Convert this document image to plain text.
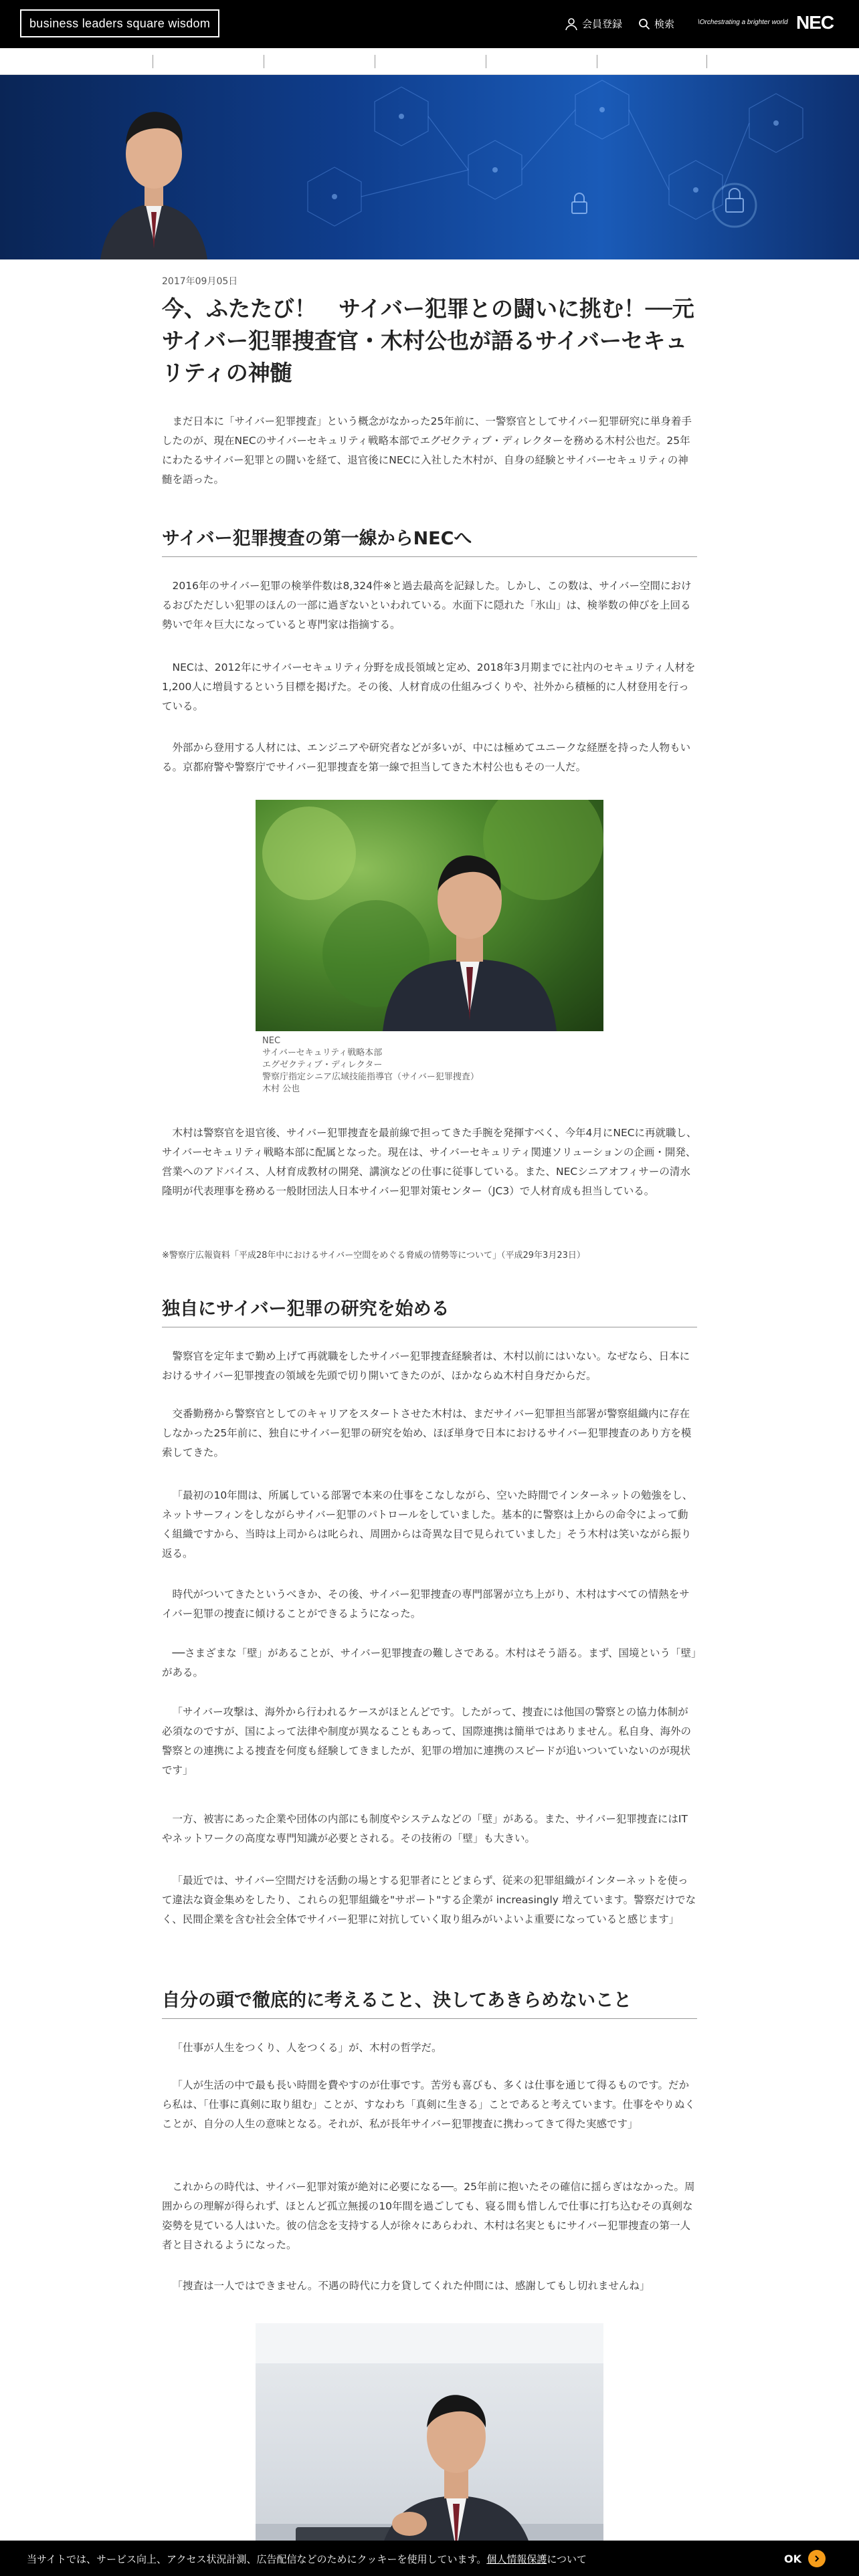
business leaders square wisdom	会員登録	検索	\Orchestrating a brighter world NEC
2017年09月05日
今、ふたたび！　サイバー犯罪との闘いに挑む！──元サイバー犯罪捜査官・木村公也が語るサイバーセキュリティの神髄

まだ日本に「サイバー犯罪捜査」という概念がなかった25年前に、一警察官としてサイバー犯罪研究に単身着手したのが、現在NECのサイバーセキュリティ戦略本部でエグゼクティブ・ディレクターを務める木村公也だ。25年にわたるサイバー犯罪との闘いを経て、退官後にNECに入社した木村が、自身の経験とサイバーセキュリティの神髄を語った。

サイバー犯罪捜査の第一線からNECへ

2016年のサイバー犯罪の検挙件数は8,324件※と過去最高を記録した。しかし、この数は、サイバー空間におけるおびただしい犯罪のほんの一部に過ぎないといわれている。水面下に隠れた「氷山」は、検挙数の伸びを上回る勢いで年々巨大になっていると専門家は指摘する。

NECは、2012年にサイバーセキュリティ分野を成長領域と定め、2018年3月期までに社内のセキュリティ人材を1,200人に増員するという目標を掲げた。その後、人材育成の仕組みづくりや、社外から積極的に人材登用を行っている。

外部から登用する人材には、エンジニアや研究者などが多いが、中には極めてユニークな経歴を持った人物もいる。京都府警や警察庁でサイバー犯罪捜査を第一線で担当してきた木村公也もその一人だ。

NEC
サイバーセキュリティ戦略本部
エグゼクティブ・ディレクター
警察庁指定シニア広域技能指導官（サイバー犯罪捜査）
木村 公也

木村は警察官を退官後、サイバー犯罪捜査を最前線で担ってきた手腕を発揮すべく、今年4月にNECに再就職し、サイバーセキュリティ戦略本部に配属となった。現在は、サイバーセキュリティ関連ソリューションの企画・開発、営業へのアドバイス、人材育成教材の開発、講演などの仕事に従事している。また、NECシニアオフィサーの清水隆明が代表理事を務める一般財団法人日本サイバー犯罪対策センター（JC3）で人材育成も担当している。

※警察庁広報資料「平成28年中におけるサイバー空間をめぐる脅威の情勢等について」（平成29年3月23日）

独自にサイバー犯罪の研究を始める

警察官を定年まで勤め上げて再就職をしたサイバー犯罪捜査経験者は、木村以前にはいない。なぜなら、日本におけるサイバー犯罪捜査の領域を先頭で切り開いてきたのが、ほかならぬ木村自身だからだ。

交番勤務から警察官としてのキャリアをスタートさせた木村は、まだサイバー犯罪担当部署が警察組織内に存在しなかった25年前に、独自にサイバー犯罪の研究を始め、ほぼ単身で日本におけるサイバー犯罪捜査のあり方を模索してきた。

「最初の10年間は、所属している部署で本来の仕事をこなしながら、空いた時間でインターネットの勉強をし、ネットサーフィンをしながらサイバー犯罪のパトロールをしていました。基本的に警察は上からの命令によって動く組織ですから、当時は上司からは叱られ、周囲からは奇異な目で見られていました」そう木村は笑いながら振り返る。

時代がついてきたというべきか、その後、サイバー犯罪捜査の専門部署が立ち上がり、木村はすべての情熱をサイバー犯罪の捜査に傾けることができるようになった。

──さまざまな「壁」があることが、サイバー犯罪捜査の難しさである。木村はそう語る。まず、国境という「壁」がある。

「サイバー攻撃は、海外から行われるケースがほとんどです。したがって、捜査には他国の警察との協力体制が必須なのですが、国によって法律や制度が異なることもあって、国際連携は簡単ではありません。私自身、海外の警察との連携による捜査を何度も経験してきましたが、犯罪の増加に連携のスピードが追いついていないのが現状です」

一方、被害にあった企業や団体の内部にも制度やシステムなどの「壁」がある。また、サイバー犯罪捜査にはITやネットワークの高度な専門知識が必要とされる。その技術の「壁」も大きい。

「最近では、サイバー空間だけを活動の場とする犯罪者にとどまらず、従来の犯罪組織がインターネットを使って違法な資金集めをしたり、これらの犯罪組織を"サポート"する企業が increasingly 増えています。警察だけでなく、民間企業を含む社会全体でサイバー犯罪に対抗していく取り組みがいよいよ重要になっていると感じます」

自分の頭で徹底的に考えること、決してあきらめないこと

「仕事が人生をつくり、人をつくる」が、木村の哲学だ。

「人が生活の中で最も長い時間を費やすのが仕事です。苦労も喜びも、多くは仕事を通じて得るものです。だから私は、「仕事に真剣に取り組む」ことが、すなわち「真剣に生きる」ことであると考えています。仕事をやりぬくことが、自分の人生の意味となる。それが、私が長年サイバー犯罪捜査に携わってきて得た実感です」

これからの時代は、サイバー犯罪対策が絶対に必要になる──。25年前に抱いたその確信に揺らぎはなかった。周囲からの理解が得られず、ほとんど孤立無援の10年間を過ごしても、寝る間も惜しんで仕事に打ち込むその真剣な姿勢を見ている人はいた。彼の信念を支持する人が徐々にあらわれ、木村は名実ともにサイバー犯罪捜査の第一人者と目されるようになった。

「捜査は一人ではできません。不遇の時代に力を貸してくれた仲間には、感謝してもし切れませんね」

当サイトでは、サービス向上、アクセス状況計測、広告配信などのためにクッキーを使用しています。個人情報保護について	OK
